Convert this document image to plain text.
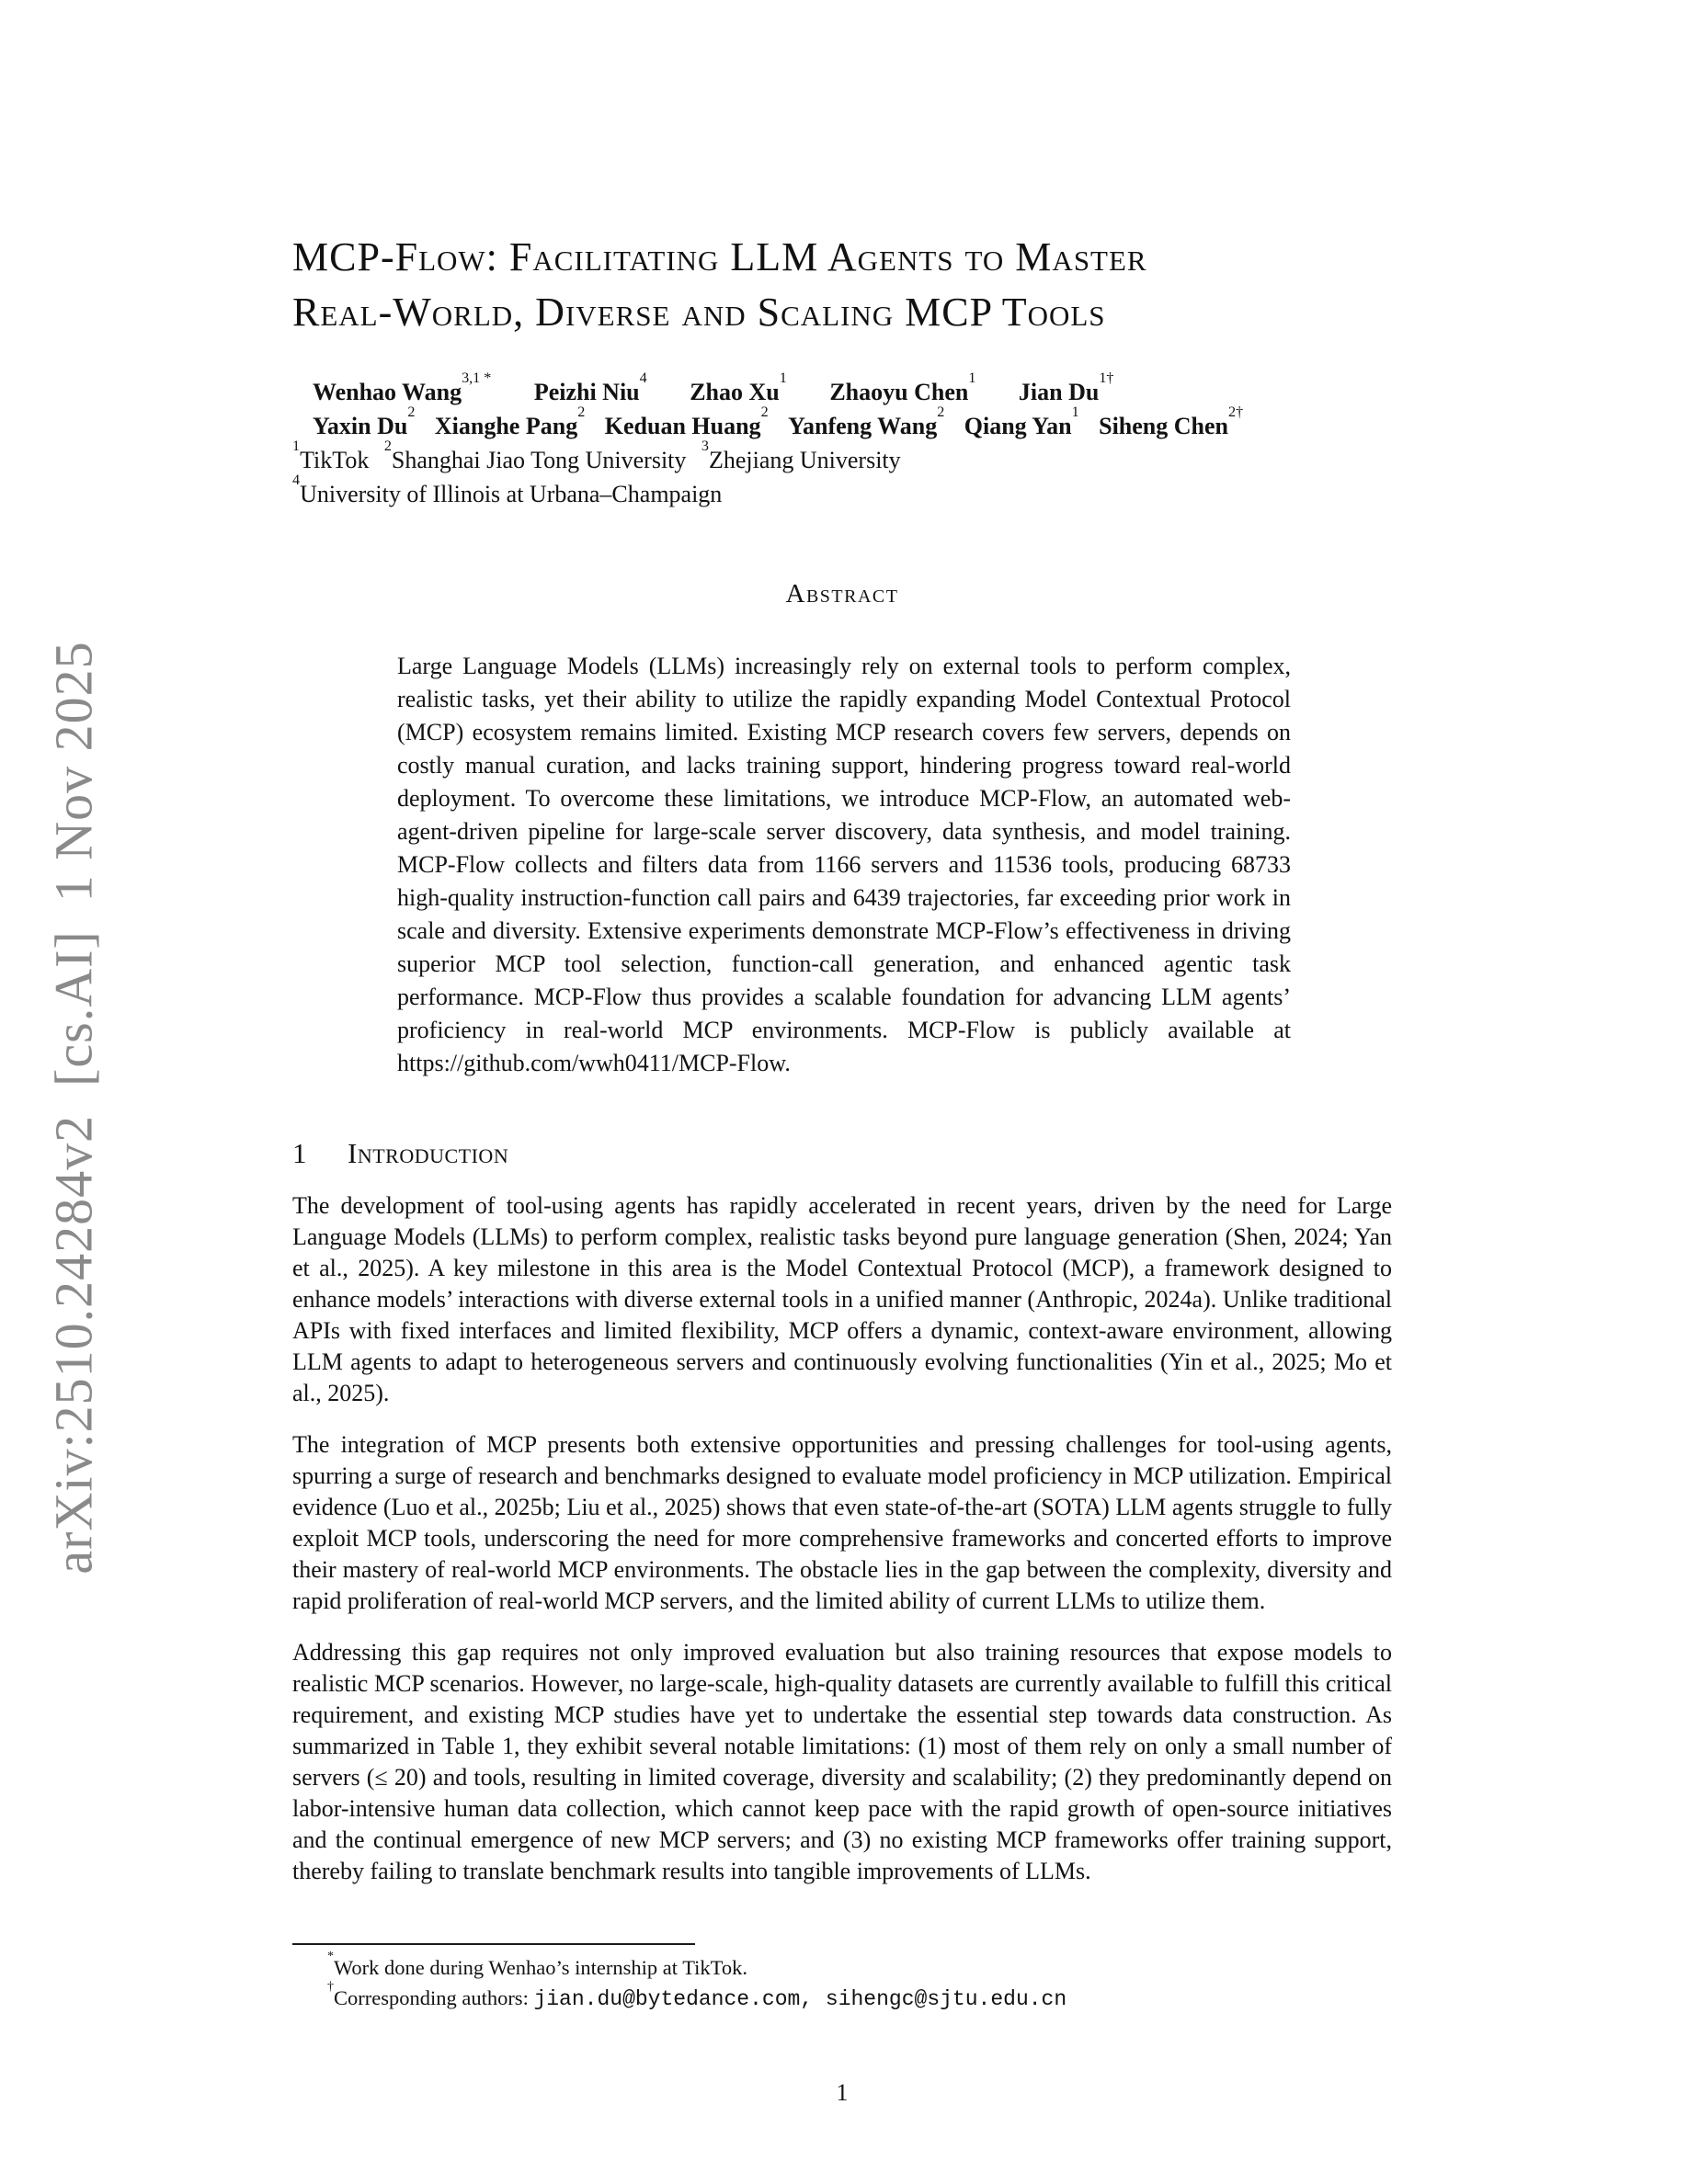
arXiv:2510.24284v2  [cs.AI]  1 Nov 2025
MCP-Flow: Facilitating LLM Agents to Master
Real-World, Diverse and Scaling MCP Tools
Wenhao Wang$^{3,1 *}$ Peizhi Niu$^4$ Zhao Xu$^1$ Zhaoyu Chen$^1$ Jian $Du^{1\dagger}$
Yaxin Du$^2$ Xianghe Pang$^2$ Keduan Huang$^2$ Yanfeng Wang$^2$ Qiang Yan$^1$ Siheng Chen$^{2\dagger}$
$^1$TikTok $^2$Shanghai Jiao Tong University $^3$Zhejiang University
$^4$University of Illinois at Urbana–Champaign
Abstract

Large Language Models (LLMs) increasingly rely on external tools to perform complex, realistic tasks, yet their ability to utilize the rapidly expanding Model Contextual Protocol (MCP) ecosystem remains limited. Existing MCP research covers few servers, depends on costly manual curation, and lacks training support, hindering progress toward real-world deployment. To overcome these limitations, we introduce MCP-Flow, an automated web-agent-driven pipeline for large-scale server discovery, data synthesis, and model training. MCP-Flow collects and filters data from 1166 servers and 11536 tools, producing 68733 high-quality instruction-function call pairs and 6439 trajectories, far exceeding prior work in scale and diversity. Extensive experiments demonstrate MCP-Flow’s effectiveness in driving superior MCP tool selection, function-call generation, and enhanced agentic task performance. MCP-Flow thus provides a scalable foundation for advancing LLM agents’ proficiency in real-world MCP environments. MCP-Flow is publicly available at https://github.com/wwh0411/MCP-Flow.

1 Introduction

The development of tool-using agents has rapidly accelerated in recent years, driven by the need for Large Language Models (LLMs) to perform complex, realistic tasks beyond pure language generation (Shen, 2024; Yan et al., 2025). A key milestone in this area is the Model Contextual Protocol (MCP), a framework designed to enhance models’ interactions with diverse external tools in a unified manner (Anthropic, 2024a). Unlike traditional APIs with fixed interfaces and limited flexibility, MCP offers a dynamic, context-aware environment, allowing LLM agents to adapt to heterogeneous servers and continuously evolving functionalities (Yin et al., 2025; Mo et al., 2025).

The integration of MCP presents both extensive opportunities and pressing challenges for tool-using agents, spurring a surge of research and benchmarks designed to evaluate model proficiency in MCP utilization. Empirical evidence (Luo et al., 2025b; Liu et al., 2025) shows that even state-of-the-art (SOTA) LLM agents struggle to fully exploit MCP tools, underscoring the need for more comprehensive frameworks and concerted efforts to improve their mastery of real-world MCP environments. The obstacle lies in the gap between the complexity, diversity and rapid proliferation of real-world MCP servers, and the limited ability of current LLMs to utilize them.

Addressing this gap requires not only improved evaluation but also training resources that expose models to realistic MCP scenarios. However, no large-scale, high-quality datasets are currently available to fulfill this critical requirement, and existing MCP studies have yet to undertake the essential step towards data construction. As summarized in Table 1, they exhibit several notable limitations: (1) most of them rely on only a small number of servers (≤ 20) and tools, resulting in limited coverage, diversity and scalability; (2) they predominantly depend on labor-intensive human data collection, which cannot keep pace with the rapid growth of open-source initiatives and the continual emergence of new MCP servers; and (3) no existing MCP frameworks offer training support, thereby failing to translate benchmark results into tangible improvements of LLMs.

*Work done during Wenhao’s internship at TikTok.

†Corresponding authors: jian.du@bytedance.com, sihengc@sjtu.edu.cn

1
